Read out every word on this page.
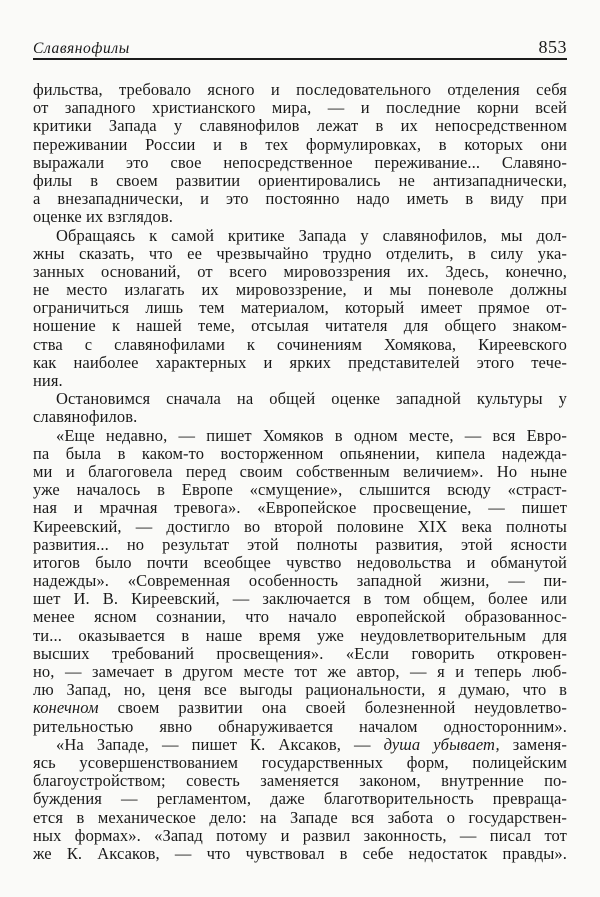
Славянофилы	853
фильства, требовало ясного и последовательного отделения себя
от западного христианского мира, — и последние корни всей
критики Запада у славянофилов лежат в их непосредственном
переживании России и в тех формулировках, в которых они
выражали это свое непосредственное переживание... Славяно-
филы в своем развитии ориентировались не антизападнически,
а внезападнически, и это постоянно надо иметь в виду при
оценке их взглядов.
Обращаясь к самой критике Запада у славянофилов, мы дол-
жны сказать, что ее чрезвычайно трудно отделить, в силу ука-
занных оснований, от всего мировоззрения их. Здесь, конечно,
не место излагать их мировоззрение, и мы поневоле должны
ограничиться лишь тем материалом, который имеет прямое от-
ношение к нашей теме, отсылая читателя для общего знаком-
ства с славянофилами к сочинениям Хомякова, Киреевского
как наиболее характерных и ярких представителей этого тече-
ния.
Остановимся сначала на общей оценке западной культуры у
славянофилов.
«Еще недавно, — пишет Хомяков в одном месте, — вся Евро-
па была в каком-то восторженном опьянении, кипела надежда-
ми и благоговела перед своим собственным величием». Но ныне
уже началось в Европе «смущение», слышится всюду «страст-
ная и мрачная тревога». «Европейское просвещение, — пишет
Киреевский, — достигло во второй половине XIX века полноты
развития... но результат этой полноты развития, этой ясности
итогов было почти всеобщее чувство недовольства и обманутой
надежды». «Современная особенность западной жизни, — пи-
шет И. В. Киреевский, — заключается в том общем, более или
менее ясном сознании, что начало европейской образованнос-
ти... оказывается в наше время уже неудовлетворительным для
высших требований просвещения». «Если говорить откровен-
но, — замечает в другом месте тот же автор, — я и теперь люб-
лю Запад, но, ценя все выгоды рациональности, я думаю, что в
конечном своем развитии она своей болезненной неудовлетво-
рительностью явно обнаруживается началом односторонним».
«На Западе, — пишет К. Аксаков, — душа убывает, заменя-
ясь усовершенствованием государственных форм, полицейским
благоустройством; совесть заменяется законом, внутренние по-
буждения — регламентом, даже благотворительность превраща-
ется в механическое дело: на Западе вся забота о государствен-
ных формах». «Запад потому и развил законность, — писал тот
же К. Аксаков, — что чувствовал в себе недостаток правды».
